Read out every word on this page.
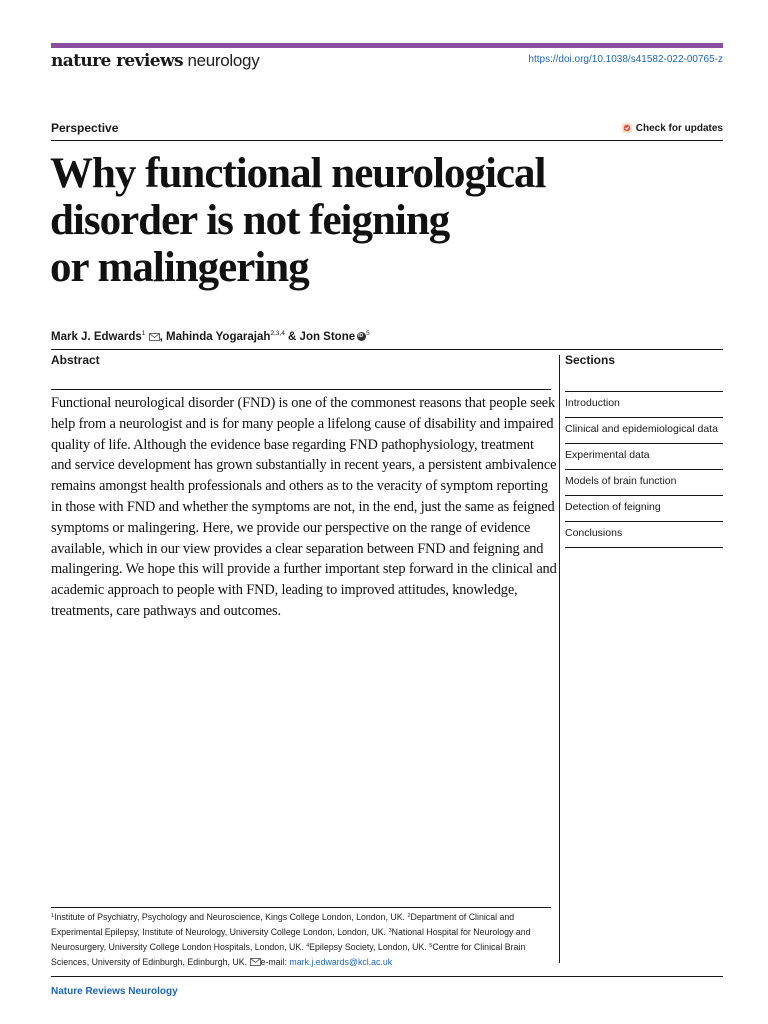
nature reviews neurology	https://doi.org/10.1038/s41582-022-00765-z
Perspective	Check for updates
Why functional neurological
disorder is not feigning
or malingering
Mark J. Edwards$^1$ , Mahinda Yogarajah$^{2,3,4}$ & Jon StoneiD $^5$
Abstract

Functional neurological disorder (FND) is one of the commonest reasons that people seek help from a neurologist and is for many people a lifelong cause of disability and impaired quality of life. Although the evidence base regarding FND pathophysiology, treatment and service development has grown substantially in recent years, a persistent ambivalence remains amongst health professionals and others as to the veracity of symptom reporting in those with FND and whether the symptoms are not, in the end, just the same as feigned symptoms or malingering. Here, we provide our perspective on the range of evidence available, which in our view provides a clear separation between FND and feigning and malingering. We hope this will provide a further important step forward in the clinical and academic approach to people with FND, leading to improved attitudes, knowledge, treatments, care pathways and outcomes.

Sections
Introduction
Clinical and epidemiological data
Experimental data
Models of brain function
Detection of feigning
Conclusions

$^1$Institute of Psychiatry, Psychology and Neuroscience, Kings College London, London, UK. $^2$Department of Clinical and Experimental Epilepsy, Institute of Neurology, University College London, London, UK. $^3$National Hospital for Neurology and Neurosurgery, University College London Hospitals, London, UK. $^4$Epilepsy Society, London, UK. $^5$Centre for Clinical Brain Sciences, University of Edinburgh, Edinburgh, UK. e-mail: mark.j.edwards@kcl.ac.uk

Nature Reviews Neurology
